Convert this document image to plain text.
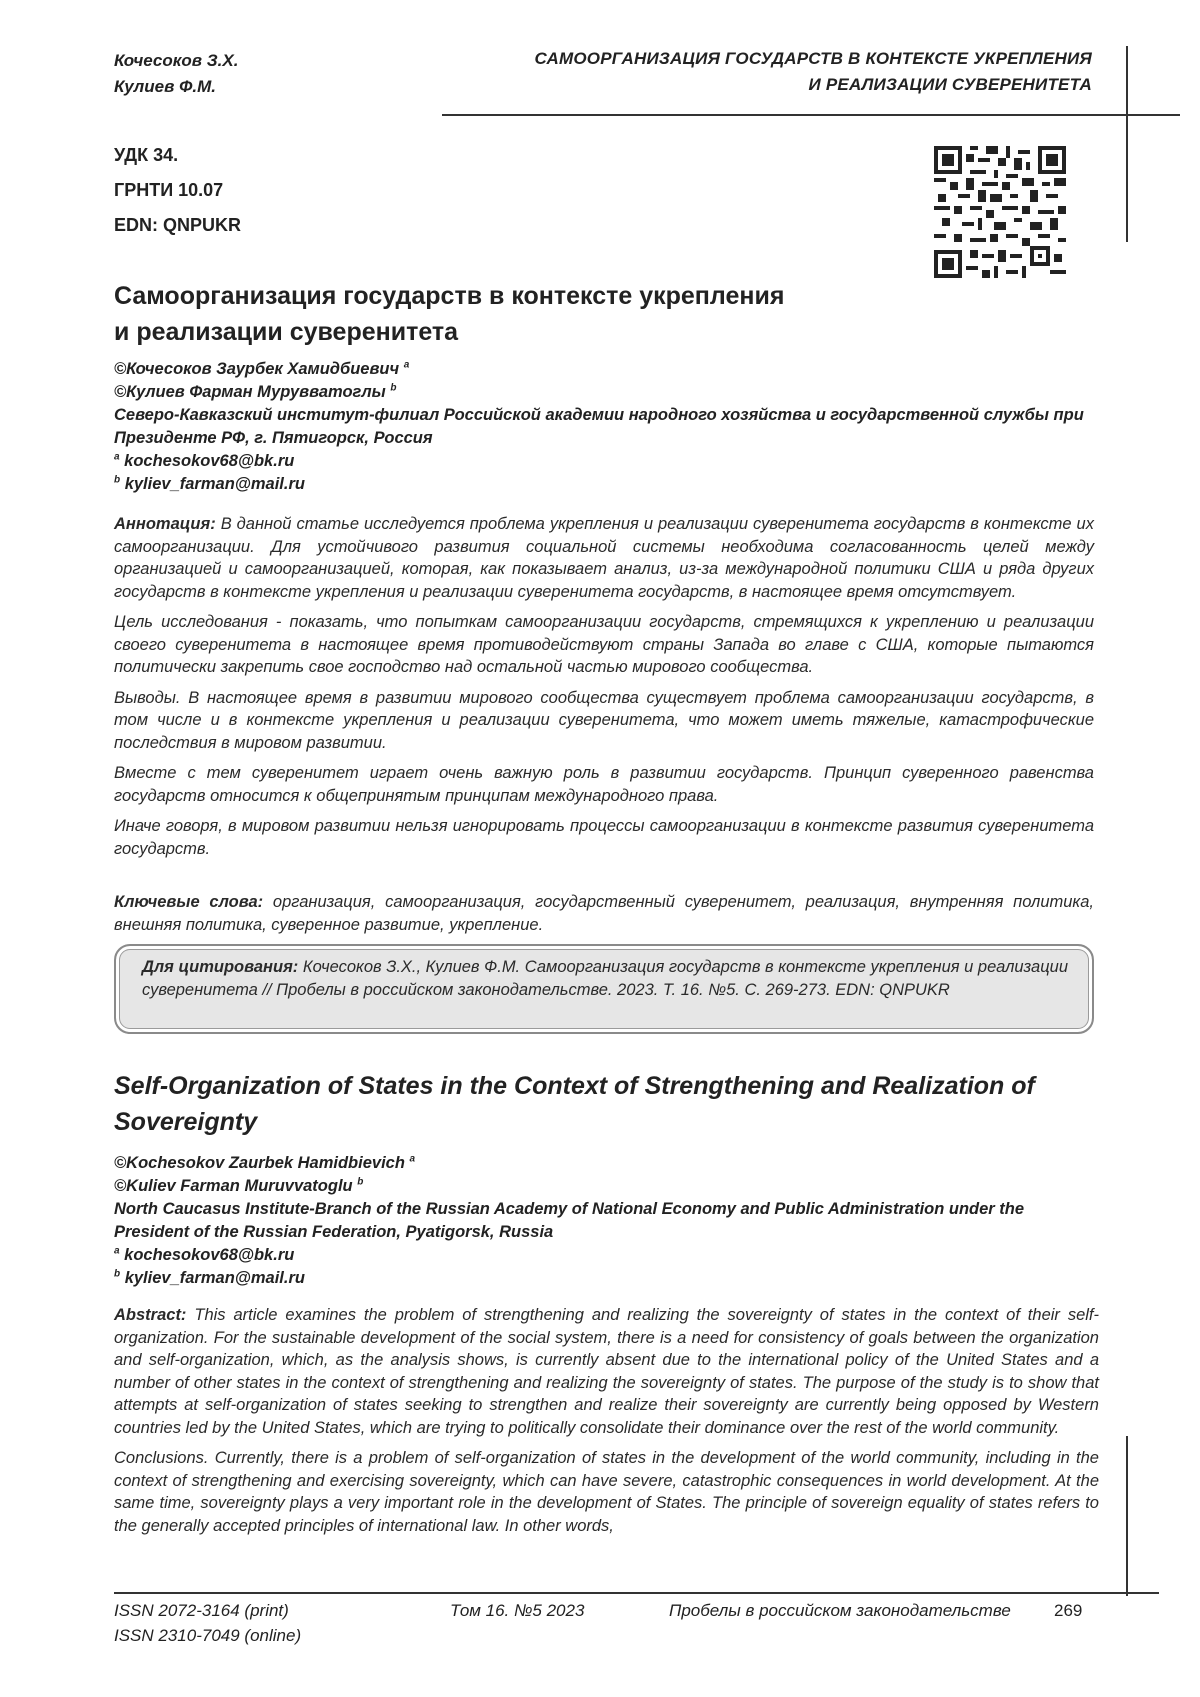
Кочесоков З.Х.
Кулиев Ф.М.
САМООРГАНИЗАЦИЯ ГОСУДАРСТВ В КОНТЕКСТЕ УКРЕПЛЕНИЯ
И РЕАЛИЗАЦИИ СУВЕРЕНИТЕТА
УДК 34.
ГРНТИ 10.07
EDN: QNPUKR
Самоорганизация государств в контексте укрепления
и реализации суверенитета
©Кочесоков Заурбек Хамидбиевич $^a$
©Кулиев Фарман Мурувватоглы $^b$
Северо-Кавказский институт-филиал Российской академии народного хозяйства и государственной службы при Президенте РФ, г. Пятигорск, Россия
$^a$ kochesokov68@bk.ru
$^b$ kyliev_farman@mail.ru

Аннотация: В данной статье исследуется проблема укрепления и реализации суверенитета государств в контексте их самоорганизации. Для устойчивого развития социальной системы необходима согласованность целей между организацией и самоорганизацией, которая, как показывает анализ, из-за международной политики США и ряда других государств в контексте укрепления и реализации суверенитета государств, в настоящее время отсутствует.

Цель исследования - показать, что попыткам самоорганизации государств, стремящихся к укреплению и реализации своего суверенитета в настоящее время противодействуют страны Запада во главе с США, которые пытаются политически закрепить свое господство над остальной частью мирового сообщества.

Выводы. В настоящее время в развитии мирового сообщества существует проблема самоорганизации государств, в том числе и в контексте укрепления и реализации суверенитета, что может иметь тяжелые, катастрофические последствия в мировом развитии.

Вместе с тем суверенитет играет очень важную роль в развитии государств. Принцип суверенного равенства государств относится к общепринятым принципам международного права.

Иначе говоря, в мировом развитии нельзя игнорировать процессы самоорганизации в контексте развития суверенитета государств.

Ключевые слова: организация, самоорганизация, государственный суверенитет, реализация, внутренняя политика, внешняя политика, суверенное развитие, укрепление.
Для цитирования: Кочесоков З.Х., Кулиев Ф.М. Самоорганизация государств в контексте укрепления и реализации суверенитета // Пробелы в российском законодательстве. 2023. Т. 16. №5. С. 269-273. EDN: QNPUKR
Self-Organization of States in the Context of Strengthening and Realization of Sovereignty
©Kochesokov Zaurbek Hamidbievich $^a$
©Kuliev Farman Muruvvatoglu $^b$
North Caucasus Institute-Branch of the Russian Academy of National Economy and Public Administration under the President of the Russian Federation, Pyatigorsk, Russia
$^a$ kochesokov68@bk.ru
$^b$ kyliev_farman@mail.ru

Abstract: This article examines the problem of strengthening and realizing the sovereignty of states in the context of their self-organization. For the sustainable development of the social system, there is a need for consistency of goals between the organization and self-organization, which, as the analysis shows, is currently absent due to the international policy of the United States and a number of other states in the context of strengthening and realizing the sovereignty of states. The purpose of the study is to show that attempts at self-organization of states seeking to strengthen and realize their sovereignty are currently being opposed by Western countries led by the United States, which are trying to politically consolidate their dominance over the rest of the world community.

Conclusions. Currently, there is a problem of self-organization of states in the development of the world community, including in the context of strengthening and exercising sovereignty, which can have severe, catastrophic consequences in world development. At the same time, sovereignty plays a very important role in the development of States. The principle of sovereign equality of states refers to the generally accepted principles of international law. In other words,

ISSN 2072-3164 (print)
ISSN 2310-7049 (online)
Том 16. №5 2023	Пробелы в российском законодательстве	269
